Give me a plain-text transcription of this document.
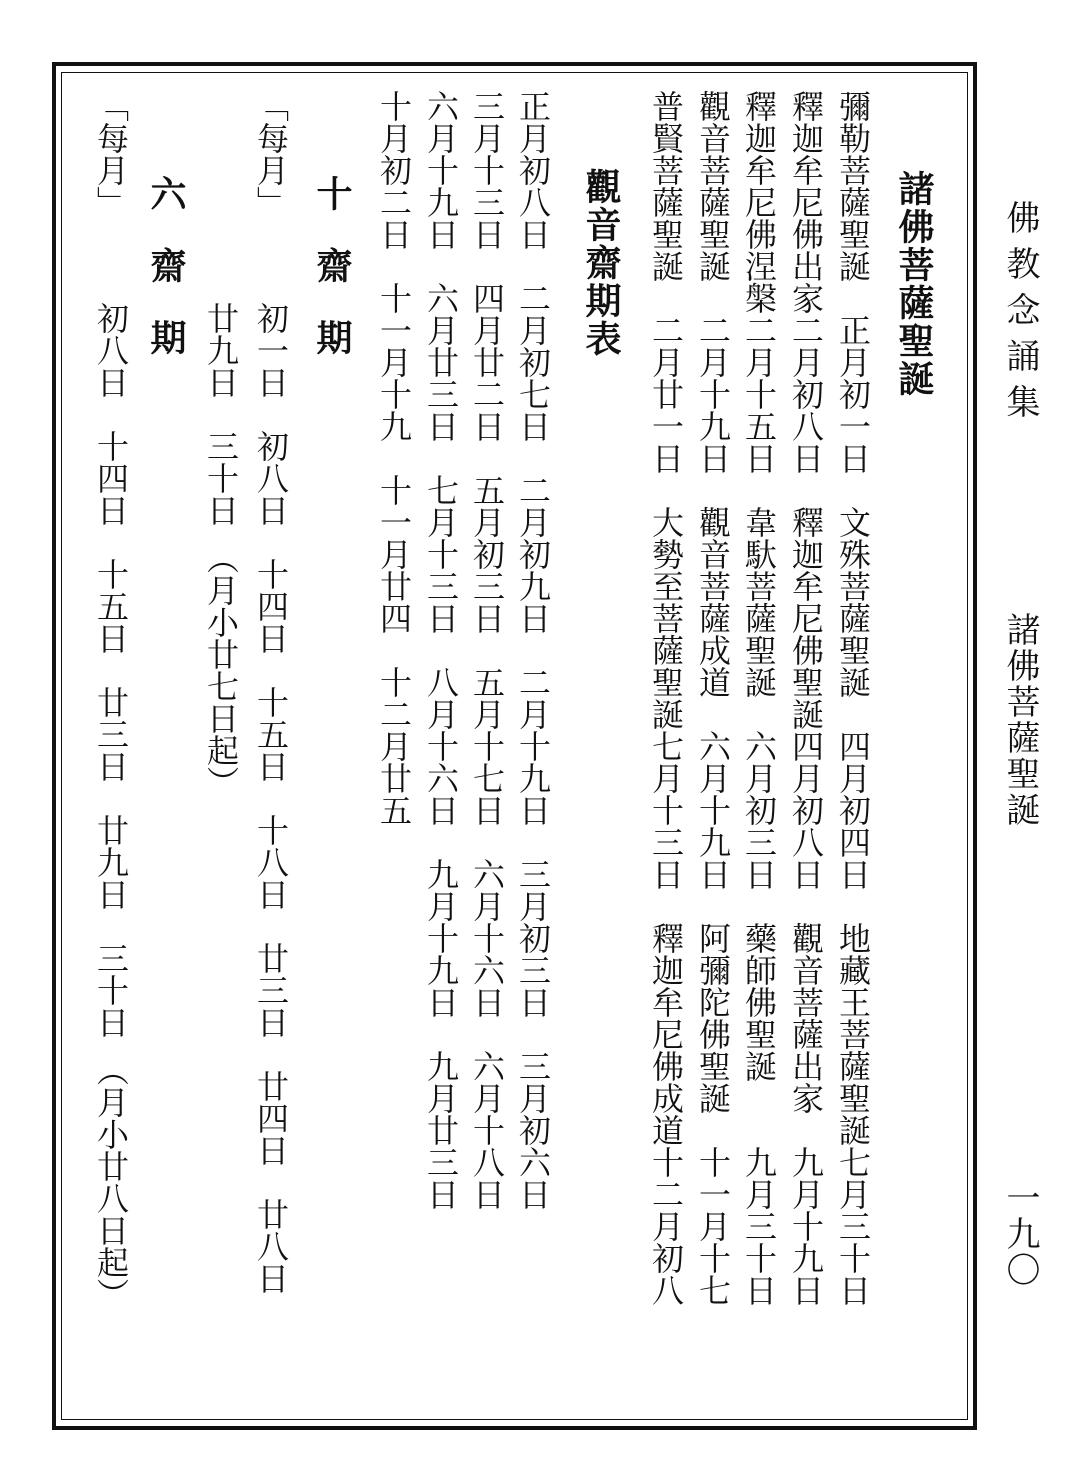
佛教念誦集
諸佛菩薩聖誕
一九〇
諸佛菩薩聖誕
彌勒菩薩聖誕　正月初一日　文殊菩薩聖誕　四月初四日　地藏王菩薩聖誕七月三十日
釋迦牟尼佛出家二月初八日　釋迦牟尼佛聖誕四月初八日　觀音菩薩出家　九月十九日
釋迦牟尼佛涅槃二月十五日　韋馱菩薩聖誕　六月初三日　藥師佛聖誕　　九月三十日
觀音菩薩聖誕　二月十九日　觀音菩薩成道　六月十九日　阿彌陀佛聖誕　十一月十七
普賢菩薩聖誕　二月廿一日　大勢至菩薩聖誕七月十三日　釋迦牟尼佛成道十二月初八
觀音齋期表
正月初八日　二月初七日　二月初九日　二月十九日　三月初三日　三月初六日
三月十三日　四月廿二日　五月初三日　五月十七日　六月十六日　六月十八日
六月十九日　六月廿三日　七月十三日　八月十六日　九月十九日　九月廿三日
十月初二日　十一月十九　十一月廿四　十二月廿五
十　齋　期
「每月」
初一日　初八日　十四日　十五日　十八日　廿三日　廿四日　廿八日
廿九日　三十日　（月小廿七日起）
六　齋　期
「每月」
初八日　十四日　十五日　廿三日　廿九日　三十日　（月小廿八日起）
